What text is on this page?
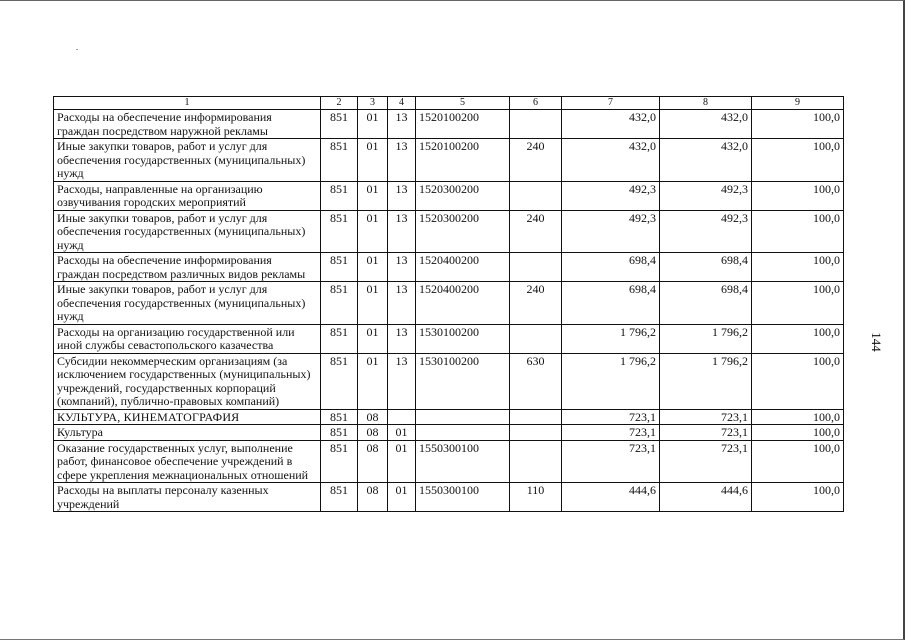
1	2	3	4	5	6	7	8	9
Расходы на обеспечение информирования граждан посредством наружной рекламы	851	01	13	1520100200		432,0	432,0	100,0
Иные закупки товаров, работ и услуг для обеспечения государственных (муниципальных) нужд	851	01	13	1520100200	240	432,0	432,0	100,0
Расходы, направленные на организацию озвучивания городских мероприятий	851	01	13	1520300200		492,3	492,3	100,0
Иные закупки товаров, работ и услуг для обеспечения государственных (муниципальных) нужд	851	01	13	1520300200	240	492,3	492,3	100,0
Расходы на обеспечение информирования граждан посредством различных видов рекламы	851	01	13	1520400200		698,4	698,4	100,0
Иные закупки товаров, работ и услуг для обеспечения государственных (муниципальных) нужд	851	01	13	1520400200	240	698,4	698,4	100,0
Расходы на организацию государственной или иной службы севастопольского казачества	851	01	13	1530100200		1 796,2	1 796,2	100,0
Субсидии некоммерческим организациям (за исключением государственных (муниципальных) учреждений, государственных корпораций (компаний), публично-правовых компаний)	851	01	13	1530100200	630	1 796,2	1 796,2	100,0
КУЛЬТУРА, КИНЕМАТОГРАФИЯ	851	08				723,1	723,1	100,0
Культура	851	08	01			723,1	723,1	100,0
Оказание государственных услуг, выполнение работ, финансовое обеспечение учреждений в сфере укрепления межнациональных отношений	851	08	01	1550300100		723,1	723,1	100,0
Расходы на выплаты персоналу казенных учреждений	851	08	01	1550300100	110	444,6	444,6	100,0
144
